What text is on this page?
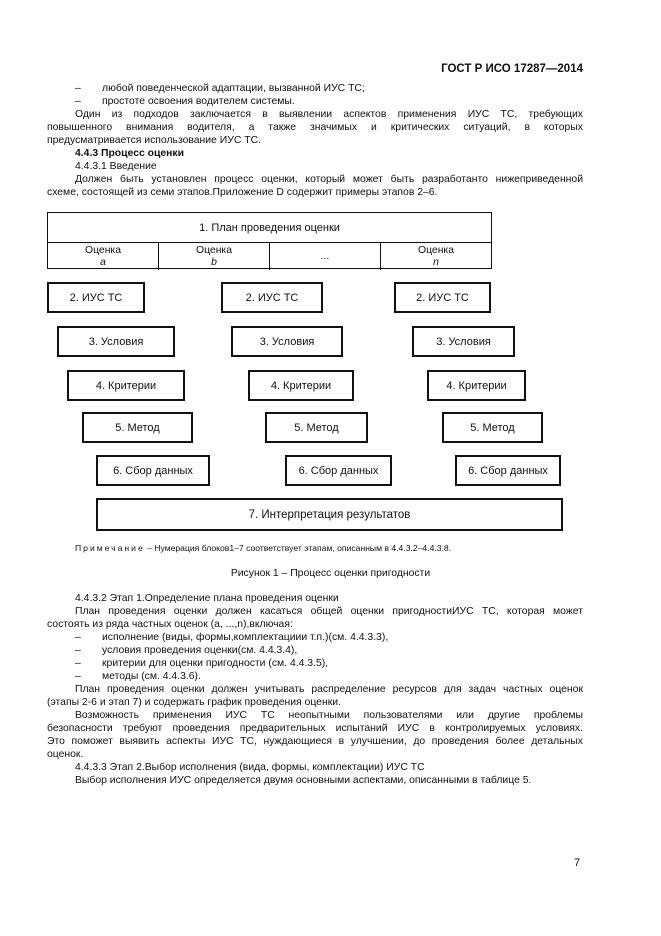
ГОСТ Р ИСО 17287—2014
– любой поведенческой адаптации, вызванной ИУС ТС;
– простоте освоения водителем системы.
Один из подходов заключается в выявлении аспектов применения ИУС ТС, требующих
повышенного внимания водителя, а также значимых и критических ситуаций, в которых
предусматривается использование ИУС ТС.
4.4.3 Процесс оценки
4.4.3.1 Введение
Должен быть установлен процесс оценки, который может быть разработанто нижеприведенной
схеме, состоящей из семи этапов.Приложение D содержит примеры этапов 2–6.
1. План проведения оценки
Оценка
a
Оценка
b
...
Оценка
n
2. ИУС ТС
3. Условия
4. Критерии
5. Метод
6. Сбор данных
2. ИУС ТС
3. Условия
4. Критерии
5. Метод
6. Сбор данных
2. ИУС ТС
3. Условия
4. Критерии
5. Метод
6. Сбор данных
7. Интерпретация результатов
Примечание – Нумерация блоков1–7 соответствует этапам, описанным в 4.4.3.2–4.4.3.8.
Рисунок 1 – Процесс оценки пригодности
4.4.3.2 Этап 1.Определение плана проведения оценки
План проведения оценки должен касаться общей оценки пригодностиИУС ТС, которая может
состоять из ряда частных оценок (а, ...,n),включая:
– исполнение (виды, формы,комплектациии т.п.)(см. 4.4.3.3),
– условия проведения оценки(см. 4.4.3.4),
– критерии для оценки пригодности (см. 4.4.3.5),
– методы (см. 4.4.3.6).
План проведения оценки должен учитывать распределение ресурсов для задач частных оценок
(этапы 2-6 и этап 7) и содержать график проведения оценки.
Возможность применения ИУС ТС неопытными пользователями или другие проблемы
безопасности требуют проведения предварительных испытаний ИУС в контролируемых условиях.
Это поможет выявить аспекты ИУС ТС, нуждающиеся в улучшении, до проведения более детальных
оценок.
4.4.3.3 Этап 2.Выбор исполнения (вида, формы, комплектации) ИУС ТС
Выбор исполнения ИУС определяется двумя основными аспектами, описанными в таблице 5.
7
